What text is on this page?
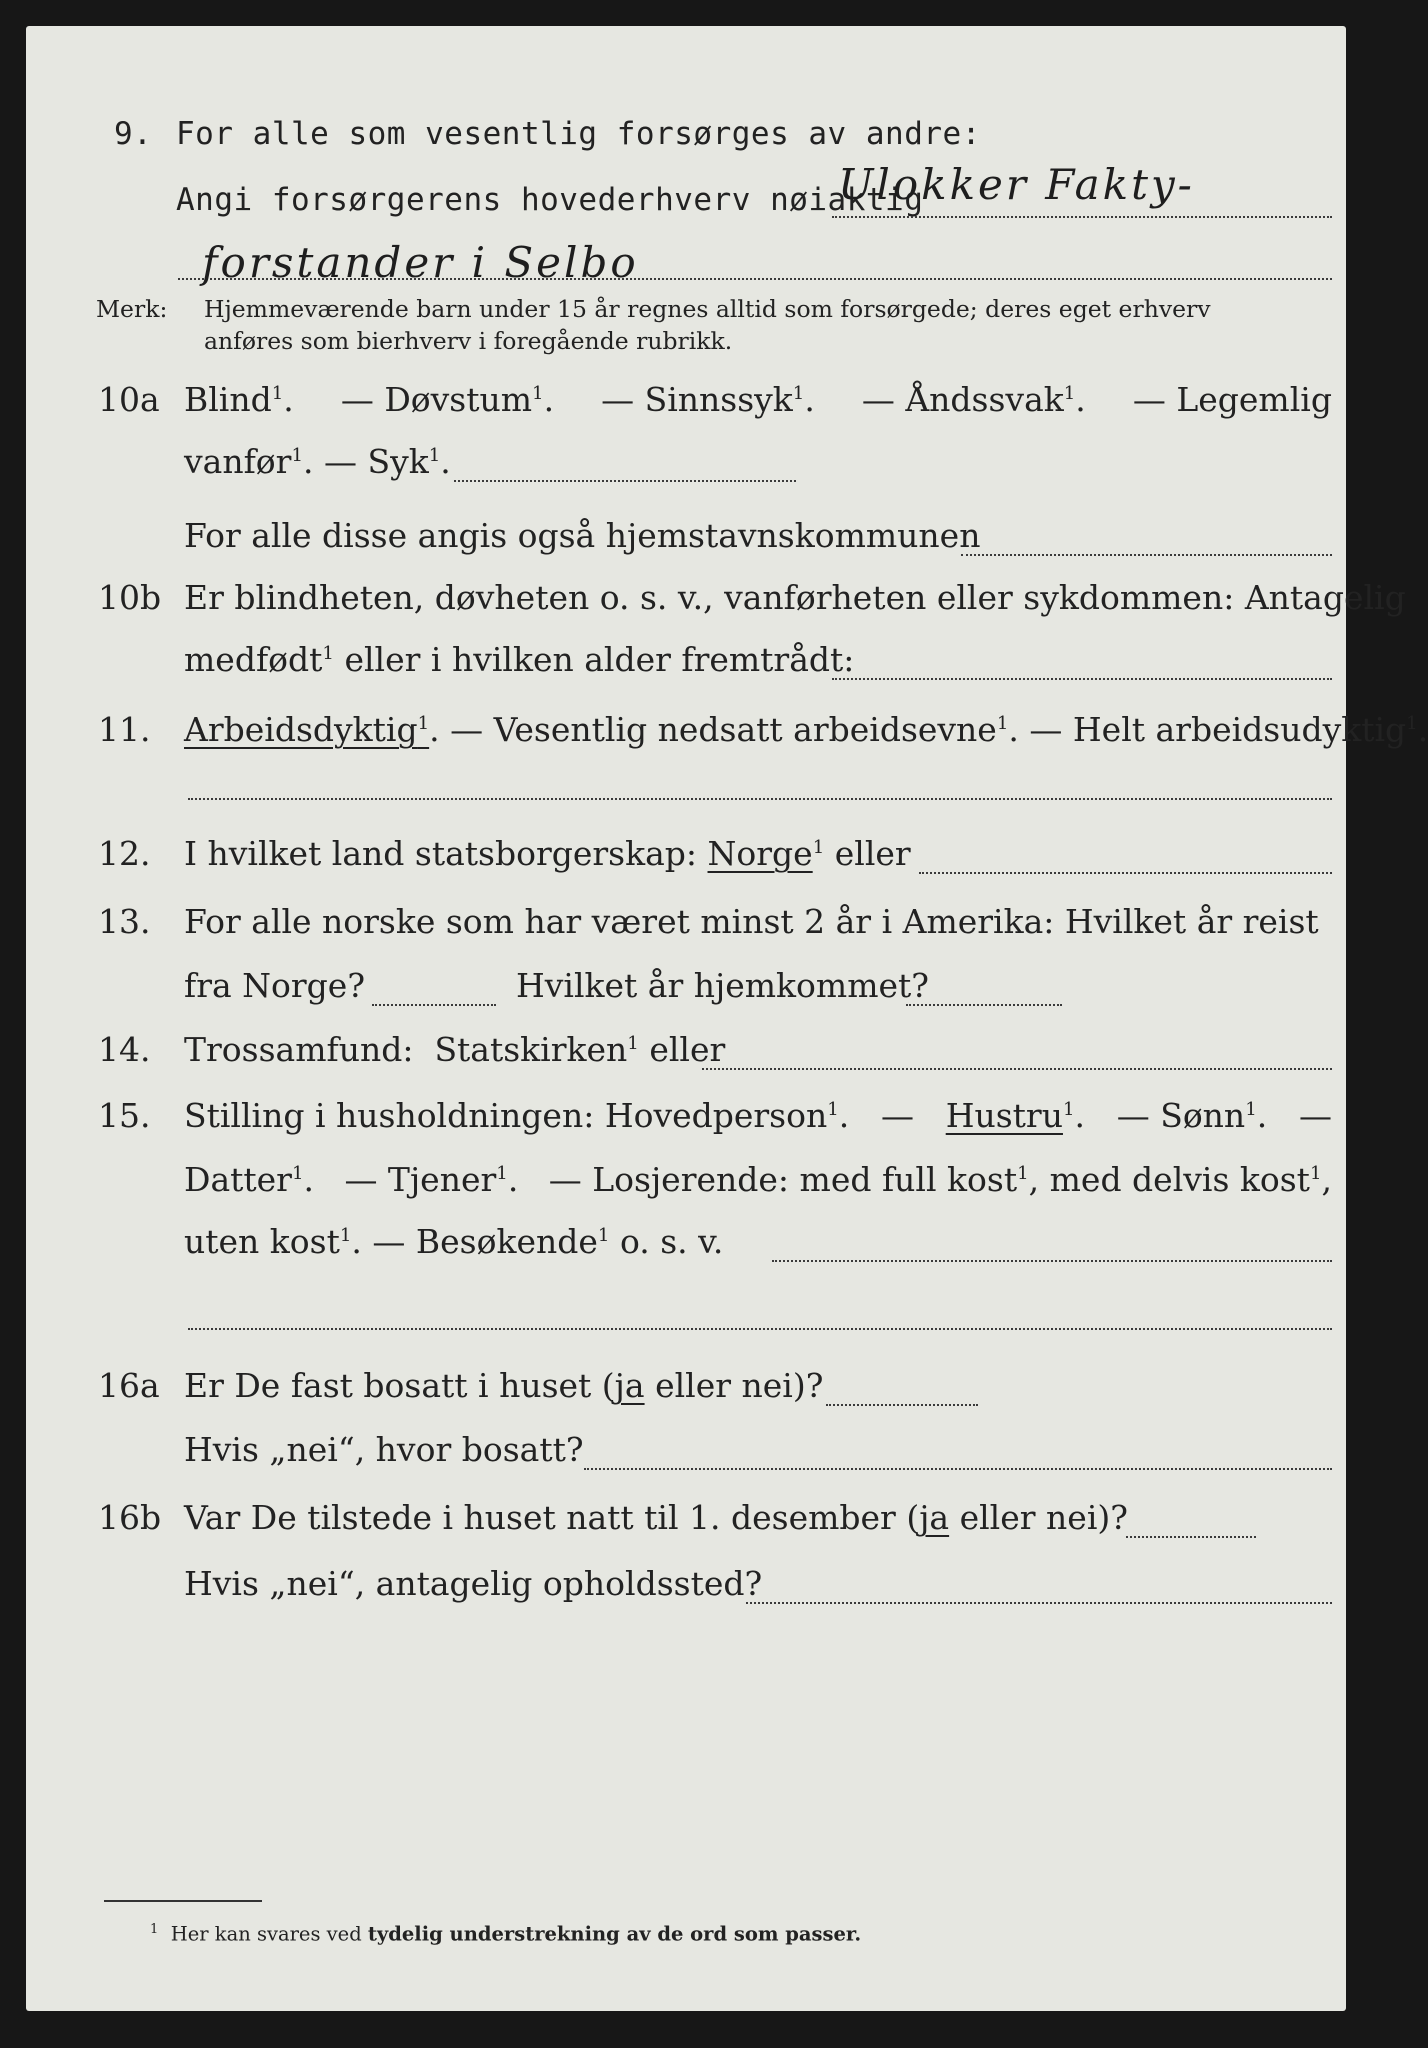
9. For alle som vesentlig forsørges av andre:
Angi forsørgerens hovederhverv nøiaktig
Ulokker Fakty-
forstander i Selbo
Merk: Hjemmeværende barn under 15 år regnes alltid som forsørgede; deres eget erhverv
anføres som bierhverv i foregående rubrikk.
10a Blind$^1$. — Døvstum$^1$. — Sinnssyk$^1$. — Åndssvak$^1$. — Legemlig
vanfør$^1$. — Syk$^1$.
For alle disse angis også hjemstavnskommunen
10b Er blindheten, døvheten o. s. v., vanførheten eller sykdommen: Antagelig
medfødt$^1$ eller i hvilken alder fremtrådt:
11. Arbeidsdyktig$^1$. — Vesentlig nedsatt arbeidsevne$^1$. — Helt arbeidsudyktig$^1$.
12. I hvilket land statsborgerskap: Norge$^1$ eller
13. For alle norske som har været minst 2 år i Amerika: Hvilket år reist
fra Norge?	Hvilket år hjemkommet?
14. Trossamfund: Statskirken$^1$ eller
15. Stilling i husholdningen: Hovedperson$^1$. — Hustru$^1$. — Sønn$^1$. —
Datter$^1$. — Tjener$^1$. — Losjerende: med full kost$^1$, med delvis kost$^1$,
uten kost$^1$. — Besøkende$^1$ o. s. v.
16a Er De fast bosatt i huset (ja eller nei)?
Hvis „nei“, hvor bosatt?
16b Var De tilstede i huset natt til 1. desember (ja eller nei)?
Hvis „nei“, antagelig opholdssted?
$^1$ Her kan svares ved tydelig understrekning av de ord som passer.
